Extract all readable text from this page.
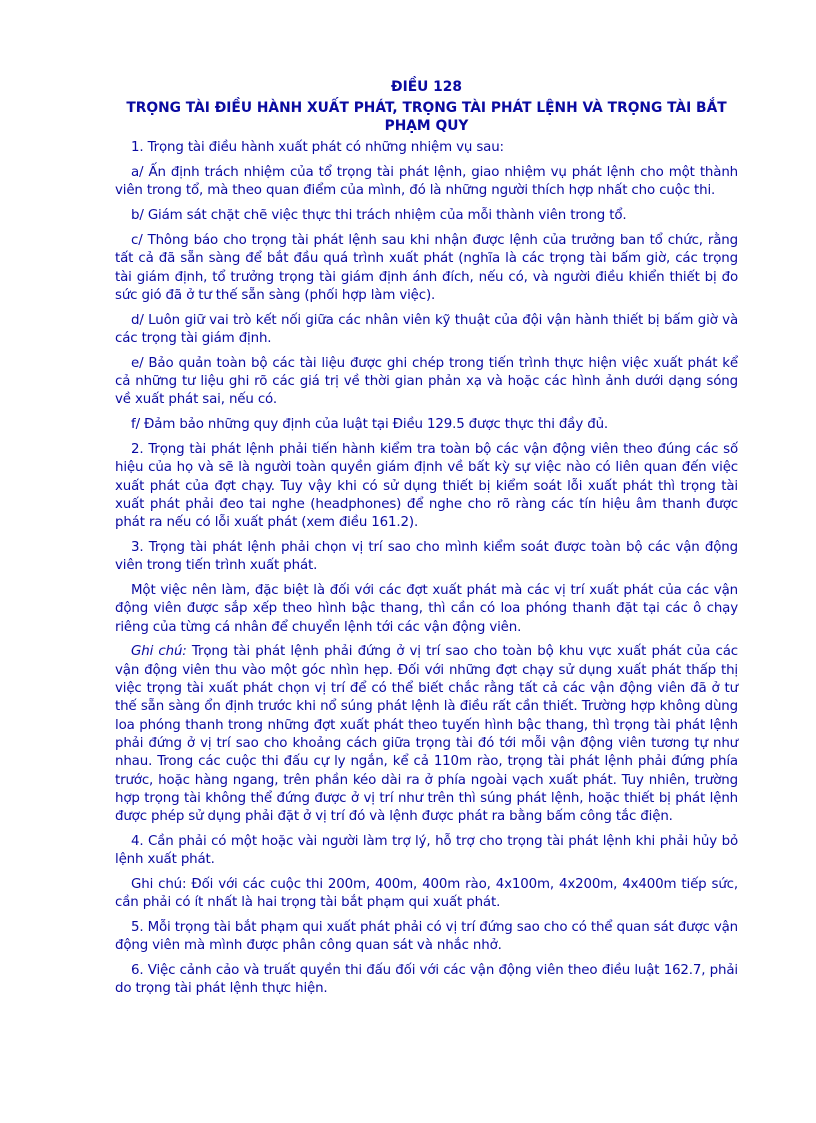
ĐIỀU 128

TRỌNG TÀI ĐIỀU HÀNH XUẤT PHÁT, TRỌNG TÀI PHÁT LỆNH VÀ TRỌNG TÀI BẮT PHẠM QUY

1. Trọng tài điều hành xuất phát có những nhiệm vụ sau:

a/ Ấn định trách nhiệm của tổ trọng tài phát lệnh, giao nhiệm vụ phát lệnh cho một thành viên trong tổ, mà theo quan điểm của mình, đó là những người thích hợp nhất cho cuộc thi.

b/ Giám sát chặt chẽ việc thực thi trách nhiệm của mỗi thành viên trong tổ.

c/ Thông báo cho trọng tài phát lệnh sau khi nhận được lệnh của trưởng ban tổ chức, rằng tất cả đã sẵn sàng để bắt đầu quá trình xuất phát (nghĩa là các trọng tài bấm giờ, các trọng tài giám định, tổ trưởng trọng tài giám định ánh đích, nếu có, và người điều khiển thiết bị đo sức gió đã ở tư thế sẵn sàng (phối hợp làm việc).

d/ Luôn giữ vai trò kết nối giữa các nhân viên kỹ thuật của đội vận hành thiết bị bấm giờ và các trọng tài giám định.

e/ Bảo quản toàn bộ các tài liệu được ghi chép trong tiến trình thực hiện việc xuất phát kể cả những tư liệu ghi rõ các giá trị về thời gian phản xạ và hoặc các hình ảnh dưới dạng sóng về xuất phát sai, nếu có.

f/ Đảm bảo những quy định của luật tại Điều 129.5 được thực thi đầy đủ.

2. Trọng tài phát lệnh phải tiến hành kiểm tra toàn bộ các vận động viên theo đúng các số hiệu của họ và sẽ là người toàn quyền giám định về bất kỳ sự việc nào có liên quan đến việc xuất phát của đợt chạy. Tuy vậy khi có sử dụng thiết bị kiểm soát lỗi xuất phát thì trọng tài xuất phát phải đeo tai nghe (headphones) để nghe cho rõ ràng các tín hiệu âm thanh được phát ra nếu có lỗi xuất phát (xem điều 161.2).

3. Trọng tài phát lệnh phải chọn vị trí sao cho mình kiểm soát được toàn bộ các vận động viên trong tiến trình xuất phát.

Một việc nên làm, đặc biệt là đối với các đợt xuất phát mà các vị trí xuất phát của các vận động viên được sắp xếp theo hình bậc thang, thì cần có loa phóng thanh đặt tại các ô chạy riêng của từng cá nhân để chuyển lệnh tới các vận động viên.

Ghi chú: Trọng tài phát lệnh phải đứng ở vị trí sao cho toàn bộ khu vực xuất phát của các vận động viên thu vào một góc nhìn hẹp. Đối với những đợt chạy sử dụng xuất phát thấp thị việc trọng tài xuất phát chọn vị trí để có thể biết chắc rằng tất cả các vận động viên đã ở tư thế sẵn sàng ổn định trước khi nổ súng phát lệnh là điều rất cần thiết. Trường hợp không dùng loa phóng thanh trong những đợt xuất phát theo tuyến hình bậc thang, thì trọng tài phát lệnh phải đứng ở vị trí sao cho khoảng cách giữa trọng tài đó tới mỗi vận động viên tương tự như nhau. Trong các cuộc thi đấu cự ly ngắn, kể cả 110m rào, trọng tài phát lệnh phải đứng phía trước, hoặc hàng ngang, trên phần kéo dài ra ở phía ngoài vạch xuất phát. Tuy nhiên, trường hợp trọng tài không thể đứng được ở vị trí như trên thì súng phát lệnh, hoặc thiết bị phát lệnh được phép sử dụng phải đặt ở vị trí đó và lệnh được phát ra bằng bấm công tắc điện.

4. Cần phải có một hoặc vài người làm trợ lý, hỗ trợ cho trọng tài phát lệnh khi phải hủy bỏ lệnh xuất phát.

Ghi chú: Đối với các cuộc thi 200m, 400m, 400m rào, 4x100m, 4x200m, 4x400m tiếp sức, cần phải có ít nhất là hai trọng tài bắt phạm qui xuất phát.

5. Mỗi trọng tài bắt phạm qui xuất phát phải có vị trí đứng sao cho có thể quan sát được vận động viên mà mình được phân công quan sát và nhắc nhở.

6. Việc cảnh cảo và truất quyền thi đấu đối với các vận động viên theo điều luật 162.7, phải do trọng tài phát lệnh thực hiện.
